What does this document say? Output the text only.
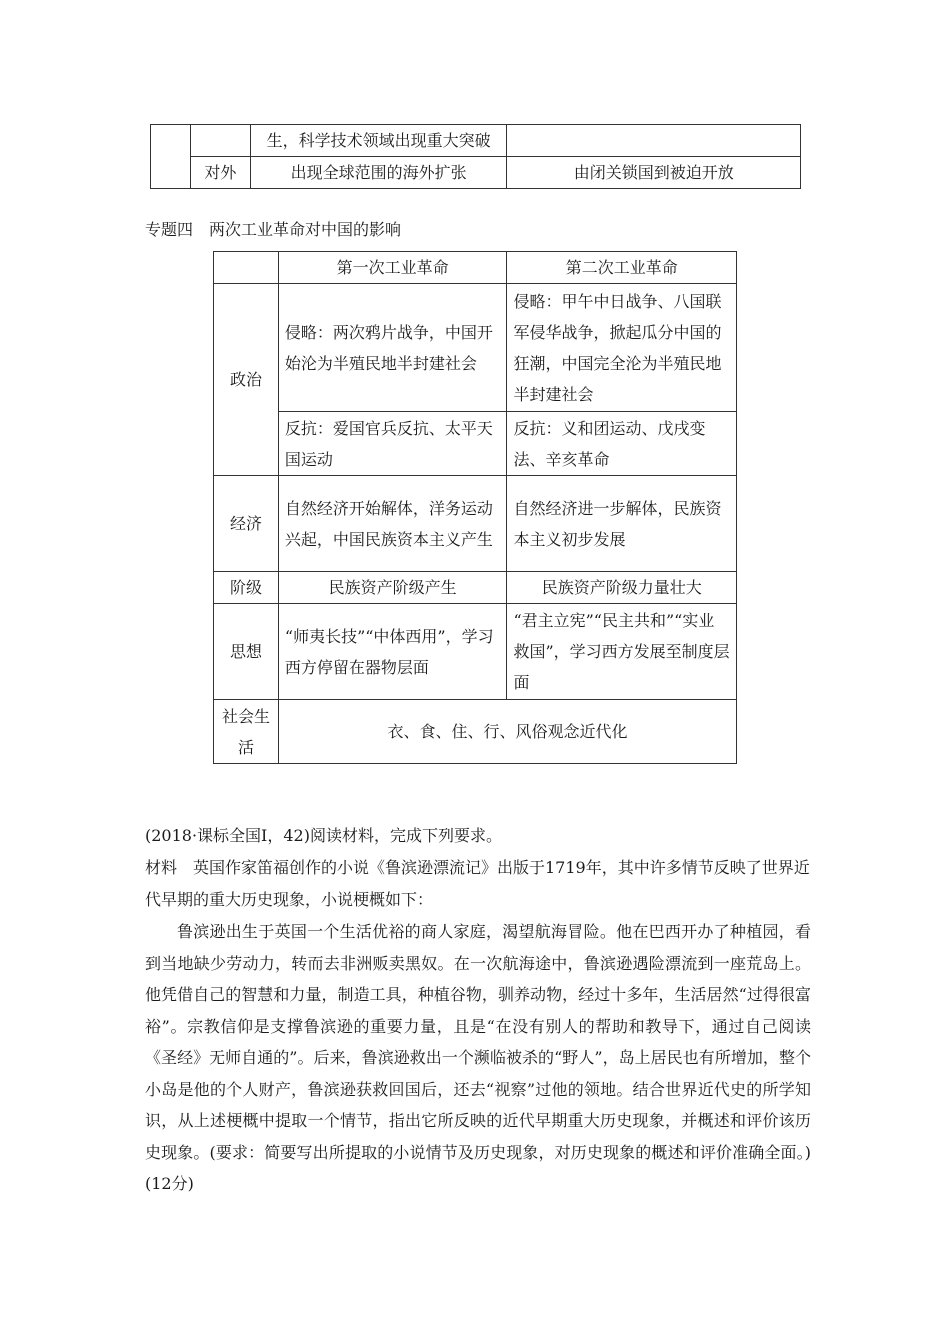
		生，科学技术领域出现重大突破	
	对外	出现全球范围的海外扩张	由闭关锁国到被迫开放
专题四　两次工业革命对中国的影响
	第一次工业革命	第二次工业革命
政治	侵略：两次鸦片战争，中国开始沦为半殖民地半封建社会	侵略：甲午中日战争、八国联军侵华战争，掀起瓜分中国的狂潮，中国完全沦为半殖民地半封建社会
	反抗：爱国官兵反抗、太平天国运动	反抗：义和团运动、戊戌变法、辛亥革命
经济	自然经济开始解体，洋务运动兴起，中国民族资本主义产生	自然经济进一步解体，民族资本主义初步发展
阶级	民族资产阶级产生	民族资产阶级力量壮大
思想	“师夷长技”“中体西用”，学习西方停留在器物层面	“君主立宪”“民主共和”“实业救国”，学习西方发展至制度层面
社会生活	衣、食、住、行、风俗观念近代化	
(2018·课标全国Ⅰ，42)阅读材料，完成下列要求。
材料　英国作家笛福创作的小说《鲁滨逊漂流记》出版于1719年，其中许多情节反映了世界近代早期的重大历史现象，小说梗概如下：
鲁滨逊出生于英国一个生活优裕的商人家庭，渴望航海冒险。他在巴西开办了种植园，看到当地缺少劳动力，转而去非洲贩卖黑奴。在一次航海途中，鲁滨逊遇险漂流到一座荒岛上。他凭借自己的智慧和力量，制造工具，种植谷物，驯养动物，经过十多年，生活居然“过得很富裕”。宗教信仰是支撑鲁滨逊的重要力量，且是“在没有别人的帮助和教导下，通过自己阅读《圣经》无师自通的”。后来，鲁滨逊救出一个濒临被杀的“野人”，岛上居民也有所增加，整个小岛是他的个人财产，鲁滨逊获救回国后，还去“视察”过他的领地。结合世界近代史的所学知识，从上述梗概中提取一个情节，指出它所反映的近代早期重大历史现象，并概述和评价该历史现象。(要求：简要写出所提取的小说情节及历史现象，对历史现象的概述和评价准确全面。)(12分)
